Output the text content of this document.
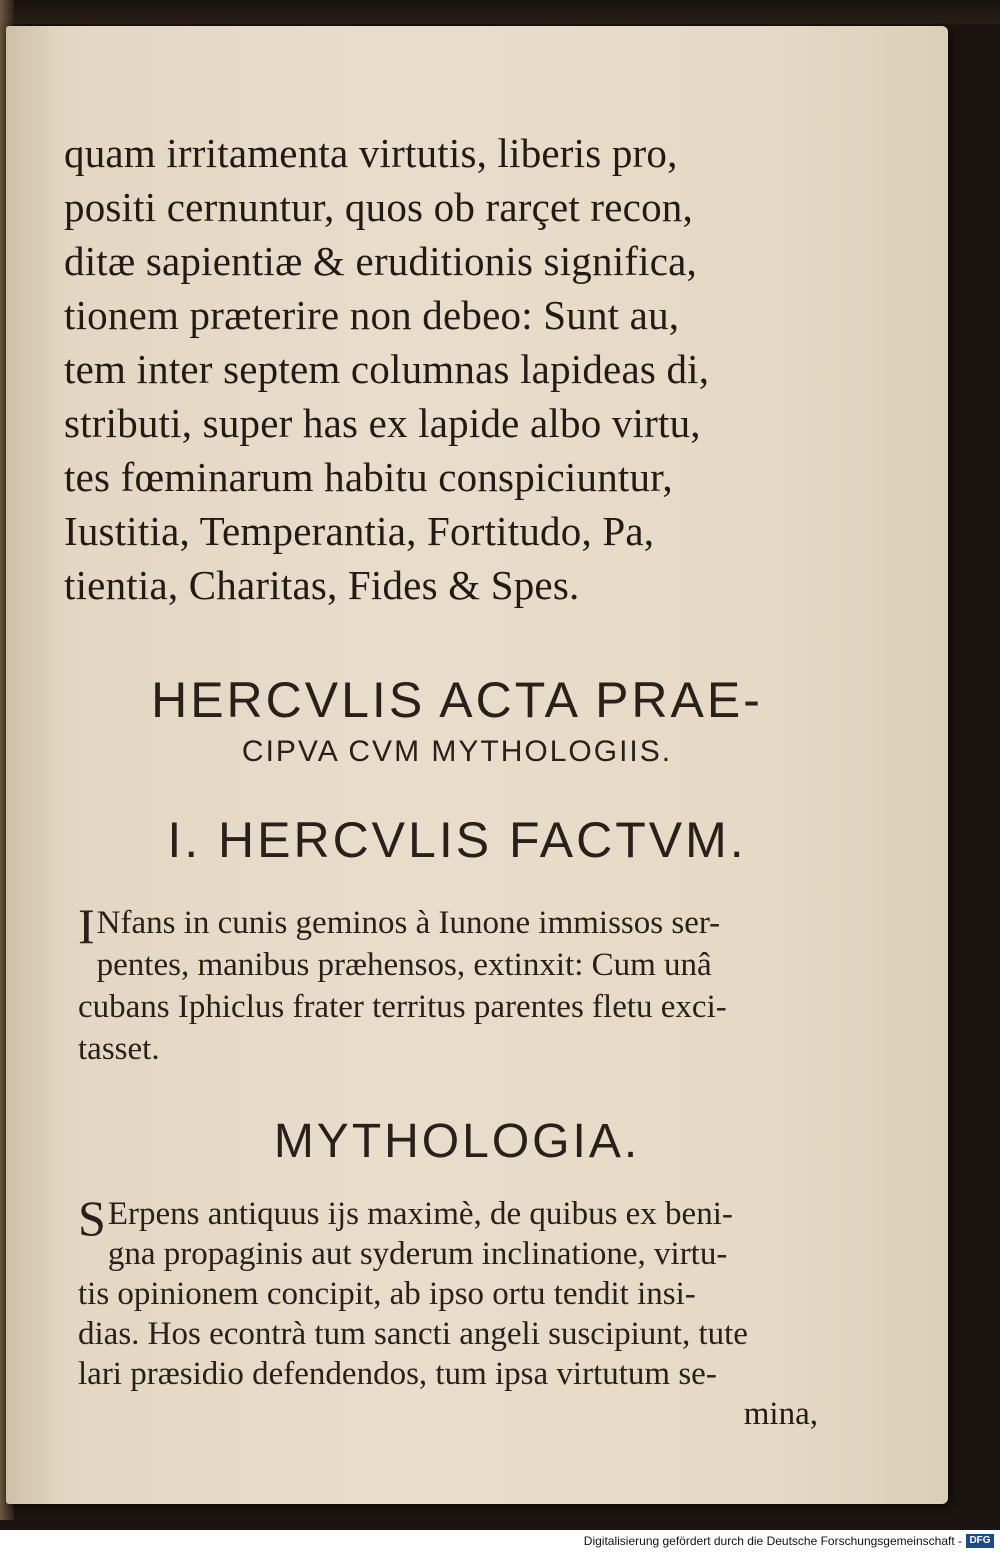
quam irritamenta virtutis, liberis pro,
positi cernuntur, quos ob rarçet recon,
ditæ sapientiæ & eruditionis significa,
tionem præterire non debeo: Sunt au,
tem inter septem columnas lapideas di,
stributi, super has ex lapide albo virtu,
tes fœminarum habitu conspiciuntur,
Iustitia, Temperantia, Fortitudo, Pa,
tientia, Charitas, Fides & Spes.
HERCVLIS ACTA PRAE-
CIPVA CVM MYTHOLOGIIS.
I. HERCVLIS FACTVM.
I Nfans in cunis geminos à Iunone immissos ser-
pentes, manibus præhensos, extinxit: Cum unâ
cubans Iphiclus frater territus parentes fletu exci-
tasset.
MYTHOLOGIA.
S Erpens antiquus ijs maximè, de quibus ex beni-
gna propaginis aut syderum inclinatione, virtu-
tis opinionem concipit, ab ipso ortu tendit insi-
dias. Hos econtrà tum sancti angeli suscipiunt, tute
lari præsidio defendendos, tum ipsa virtutum se-
mina,
Digitalisierung gefördert durch die Deutsche Forschungsgemeinschaft - DFG
